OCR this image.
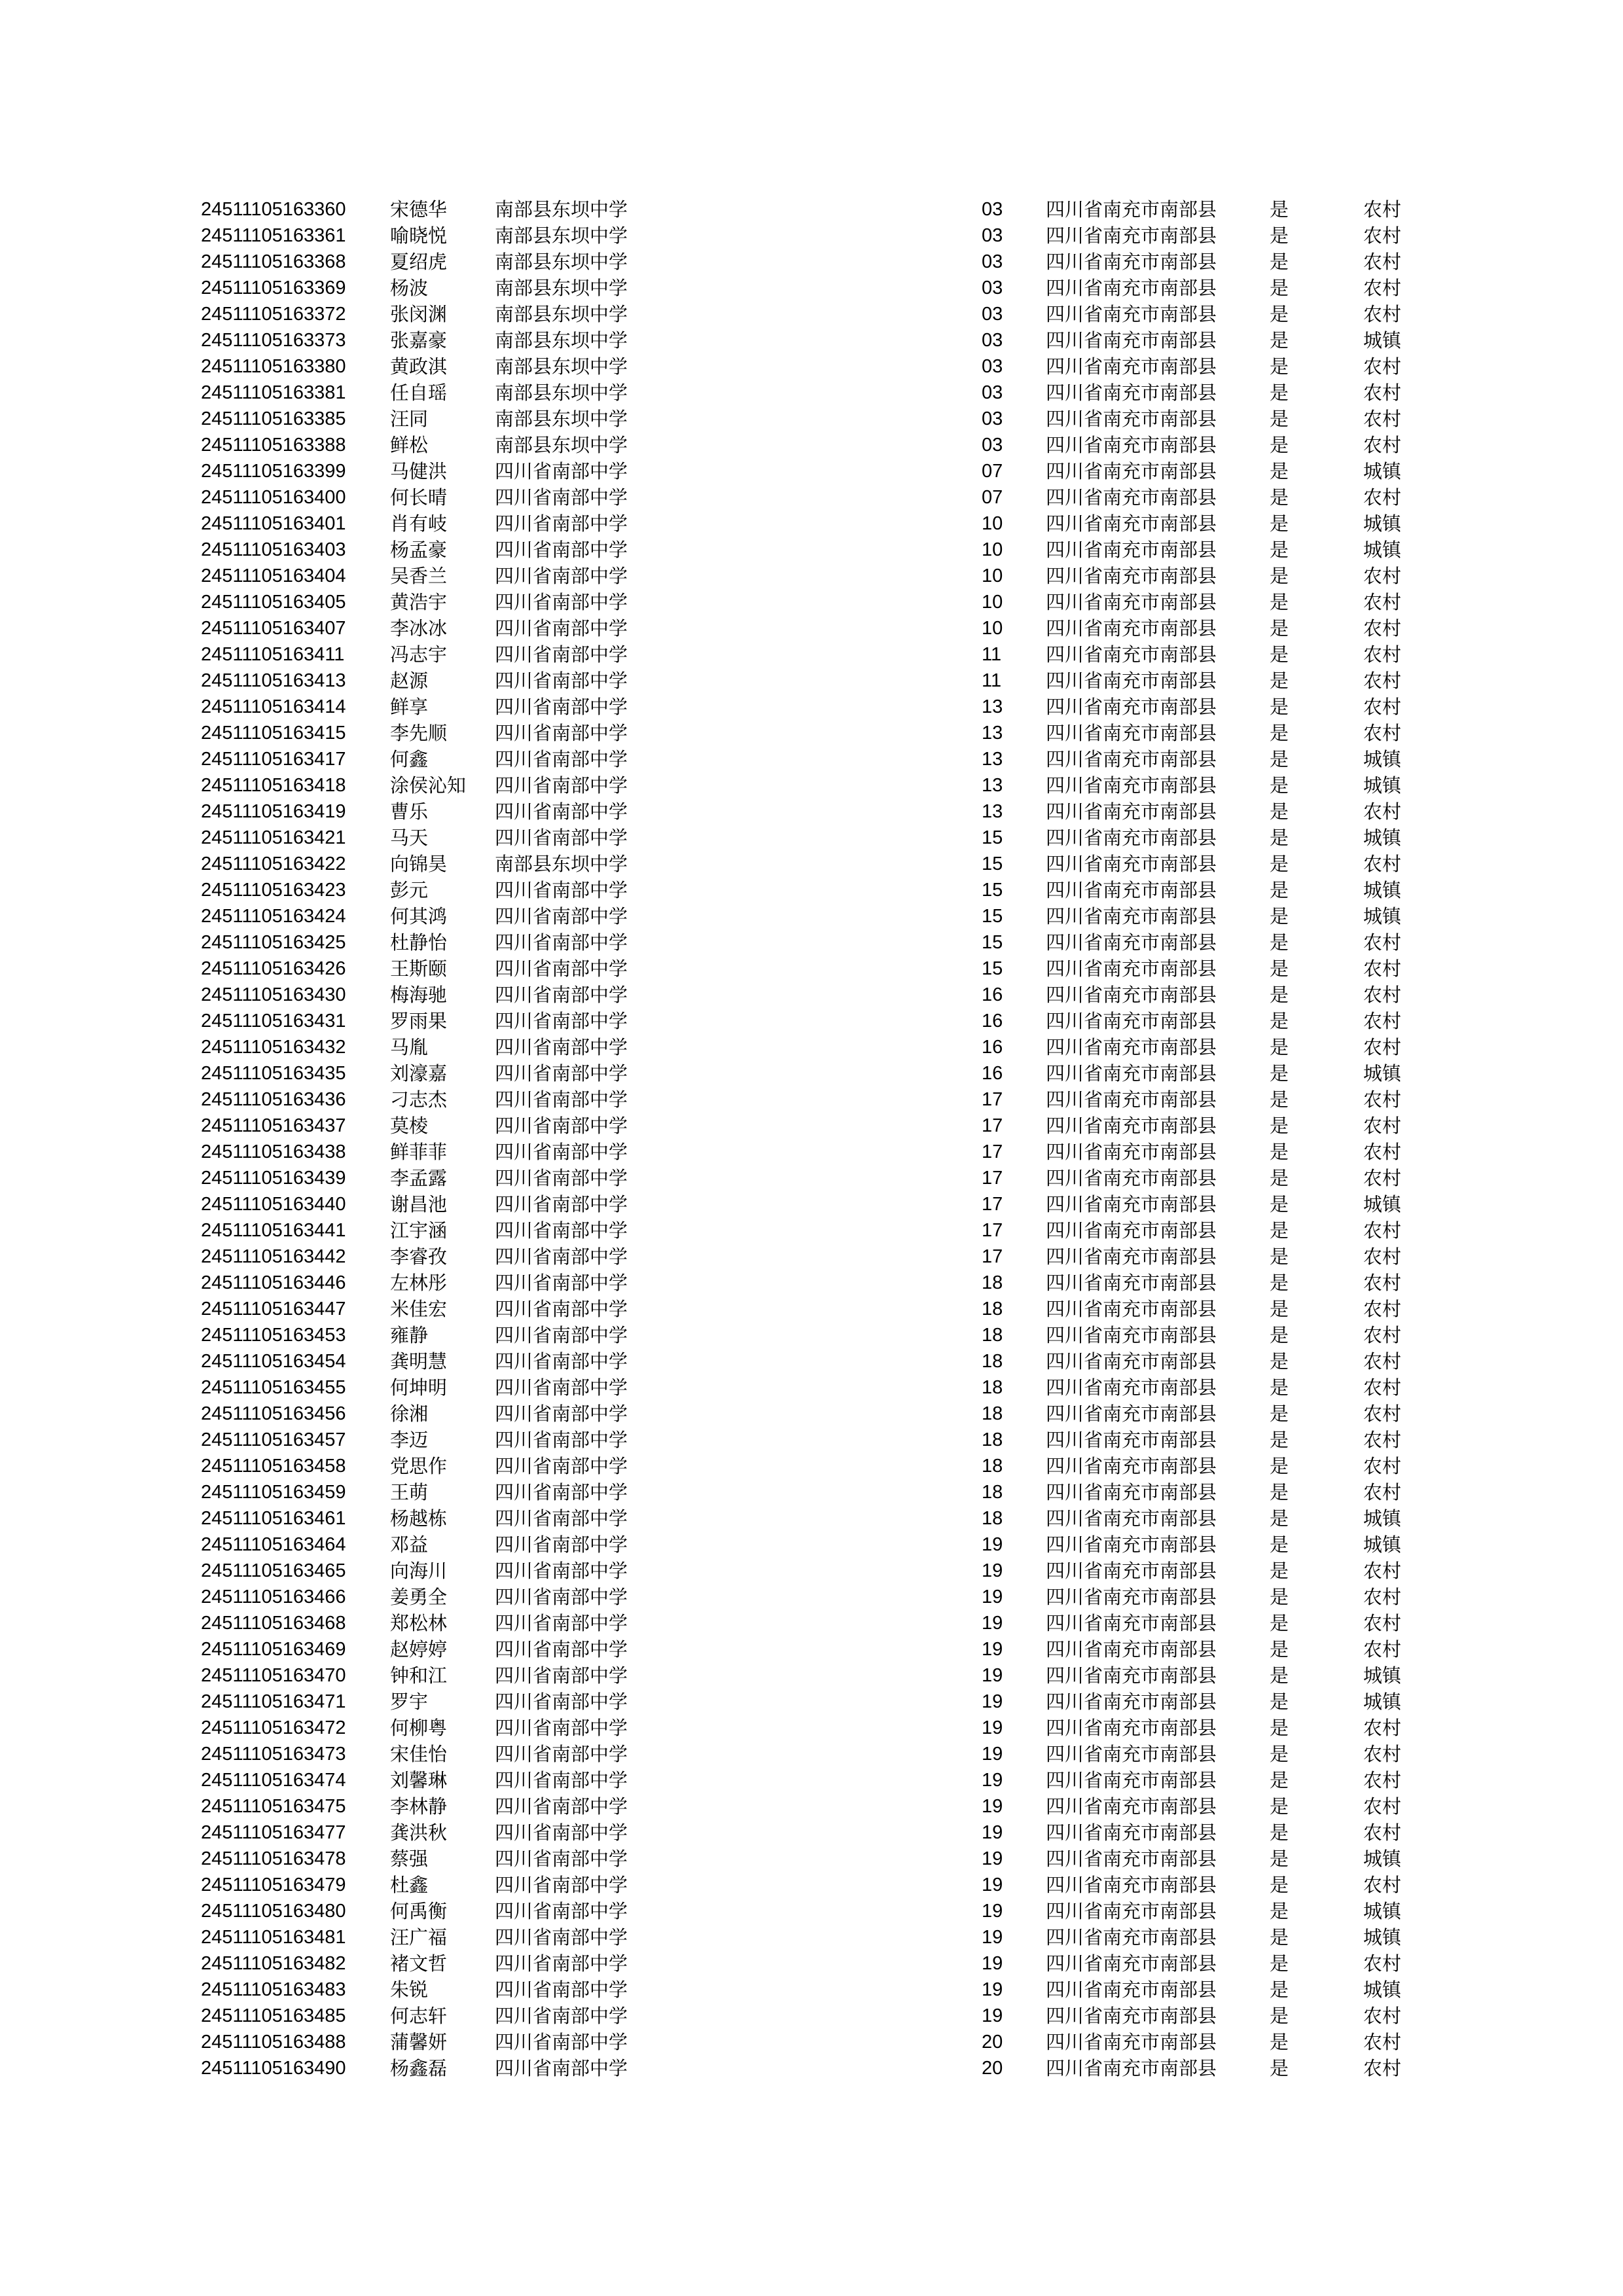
24511105163360 宋德华	南部县东坝中学	03 四川省南充市南部县	是	农村
24511105163361 喻晓悦	南部县东坝中学	03 四川省南充市南部县	是	农村
24511105163368 夏绍虎	南部县东坝中学	03 四川省南充市南部县	是	农村
24511105163369 杨波	南部县东坝中学	03 四川省南充市南部县	是	农村
24511105163372 张闵渊	南部县东坝中学	03 四川省南充市南部县	是	农村
24511105163373 张嘉豪	南部县东坝中学	03 四川省南充市南部县	是	城镇
24511105163380 黄政淇	南部县东坝中学	03 四川省南充市南部县	是	农村
24511105163381 任自瑶	南部县东坝中学	03 四川省南充市南部县	是	农村
24511105163385 汪同	南部县东坝中学	03 四川省南充市南部县	是	农村
24511105163388 鲜松	南部县东坝中学	03 四川省南充市南部县	是	农村
24511105163399 马健洪	四川省南部中学	07 四川省南充市南部县	是	城镇
24511105163400 何长晴	四川省南部中学	07 四川省南充市南部县	是	农村
24511105163401 肖有岐	四川省南部中学	10 四川省南充市南部县	是	城镇
24511105163403 杨孟豪	四川省南部中学	10 四川省南充市南部县	是	城镇
24511105163404 吴香兰	四川省南部中学	10 四川省南充市南部县	是	农村
24511105163405 黄浩宇	四川省南部中学	10 四川省南充市南部县	是	农村
24511105163407 李冰冰	四川省南部中学	10 四川省南充市南部县	是	农村
24511105163411 冯志宇	四川省南部中学	11 四川省南充市南部县	是	农村
24511105163413 赵源	四川省南部中学	11 四川省南充市南部县	是	农村
24511105163414 鲜享	四川省南部中学	13 四川省南充市南部县	是	农村
24511105163415 李先顺	四川省南部中学	13 四川省南充市南部县	是	农村
24511105163417 何鑫	四川省南部中学	13 四川省南充市南部县	是	城镇
24511105163418 涂侯沁知 四川省南部中学	13 四川省南充市南部县	是	城镇
24511105163419 曹乐	四川省南部中学	13 四川省南充市南部县	是	农村
24511105163421 马天	四川省南部中学	15 四川省南充市南部县	是	城镇
24511105163422 向锦昊	南部县东坝中学	15 四川省南充市南部县	是	农村
24511105163423 彭元	四川省南部中学	15 四川省南充市南部县	是	城镇
24511105163424 何其鸿	四川省南部中学	15 四川省南充市南部县	是	城镇
24511105163425 杜静怡	四川省南部中学	15 四川省南充市南部县	是	农村
24511105163426 王斯颐	四川省南部中学	15 四川省南充市南部县	是	农村
24511105163430 梅海驰	四川省南部中学	16 四川省南充市南部县	是	农村
24511105163431 罗雨果	四川省南部中学	16 四川省南充市南部县	是	农村
24511105163432 马胤	四川省南部中学	16 四川省南充市南部县	是	农村
24511105163435 刘濠嘉	四川省南部中学	16 四川省南充市南部县	是	城镇
24511105163436 刁志杰	四川省南部中学	17 四川省南充市南部县	是	农村
24511105163437 莫棱	四川省南部中学	17 四川省南充市南部县	是	农村
24511105163438 鲜菲菲	四川省南部中学	17 四川省南充市南部县	是	农村
24511105163439 李孟露	四川省南部中学	17 四川省南充市南部县	是	农村
24511105163440 谢昌池	四川省南部中学	17 四川省南充市南部县	是	城镇
24511105163441 江宇涵	四川省南部中学	17 四川省南充市南部县	是	农村
24511105163442 李睿孜	四川省南部中学	17 四川省南充市南部县	是	农村
24511105163446 左林彤	四川省南部中学	18 四川省南充市南部县	是	农村
24511105163447 米佳宏	四川省南部中学	18 四川省南充市南部县	是	农村
24511105163453 雍静	四川省南部中学	18 四川省南充市南部县	是	农村
24511105163454 龚明慧	四川省南部中学	18 四川省南充市南部县	是	农村
24511105163455 何坤明	四川省南部中学	18 四川省南充市南部县	是	农村
24511105163456 徐湘	四川省南部中学	18 四川省南充市南部县	是	农村
24511105163457 李迈	四川省南部中学	18 四川省南充市南部县	是	农村
24511105163458 党思作	四川省南部中学	18 四川省南充市南部县	是	农村
24511105163459 王萌	四川省南部中学	18 四川省南充市南部县	是	农村
24511105163461 杨越栋	四川省南部中学	18 四川省南充市南部县	是	城镇
24511105163464 邓益	四川省南部中学	19 四川省南充市南部县	是	城镇
24511105163465 向海川	四川省南部中学	19 四川省南充市南部县	是	农村
24511105163466 姜勇全	四川省南部中学	19 四川省南充市南部县	是	农村
24511105163468 郑松林	四川省南部中学	19 四川省南充市南部县	是	农村
24511105163469 赵婷婷	四川省南部中学	19 四川省南充市南部县	是	农村
24511105163470 钟和江	四川省南部中学	19 四川省南充市南部县	是	城镇
24511105163471 罗宇	四川省南部中学	19 四川省南充市南部县	是	城镇
24511105163472 何柳粤	四川省南部中学	19 四川省南充市南部县	是	农村
24511105163473 宋佳怡	四川省南部中学	19 四川省南充市南部县	是	农村
24511105163474 刘馨琳	四川省南部中学	19 四川省南充市南部县	是	农村
24511105163475 李林静	四川省南部中学	19 四川省南充市南部县	是	农村
24511105163477 龚洪秋	四川省南部中学	19 四川省南充市南部县	是	农村
24511105163478 蔡强	四川省南部中学	19 四川省南充市南部县	是	城镇
24511105163479 杜鑫	四川省南部中学	19 四川省南充市南部县	是	农村
24511105163480 何禹衡	四川省南部中学	19 四川省南充市南部县	是	城镇
24511105163481 汪广福	四川省南部中学	19 四川省南充市南部县	是	城镇
24511105163482 褚文哲	四川省南部中学	19 四川省南充市南部县	是	农村
24511105163483 朱锐	四川省南部中学	19 四川省南充市南部县	是	城镇
24511105163485 何志轩	四川省南部中学	19 四川省南充市南部县	是	农村
24511105163488 蒲馨妍	四川省南部中学	20 四川省南充市南部县	是	农村
24511105163490 杨鑫磊	四川省南部中学	20 四川省南充市南部县	是	农村
